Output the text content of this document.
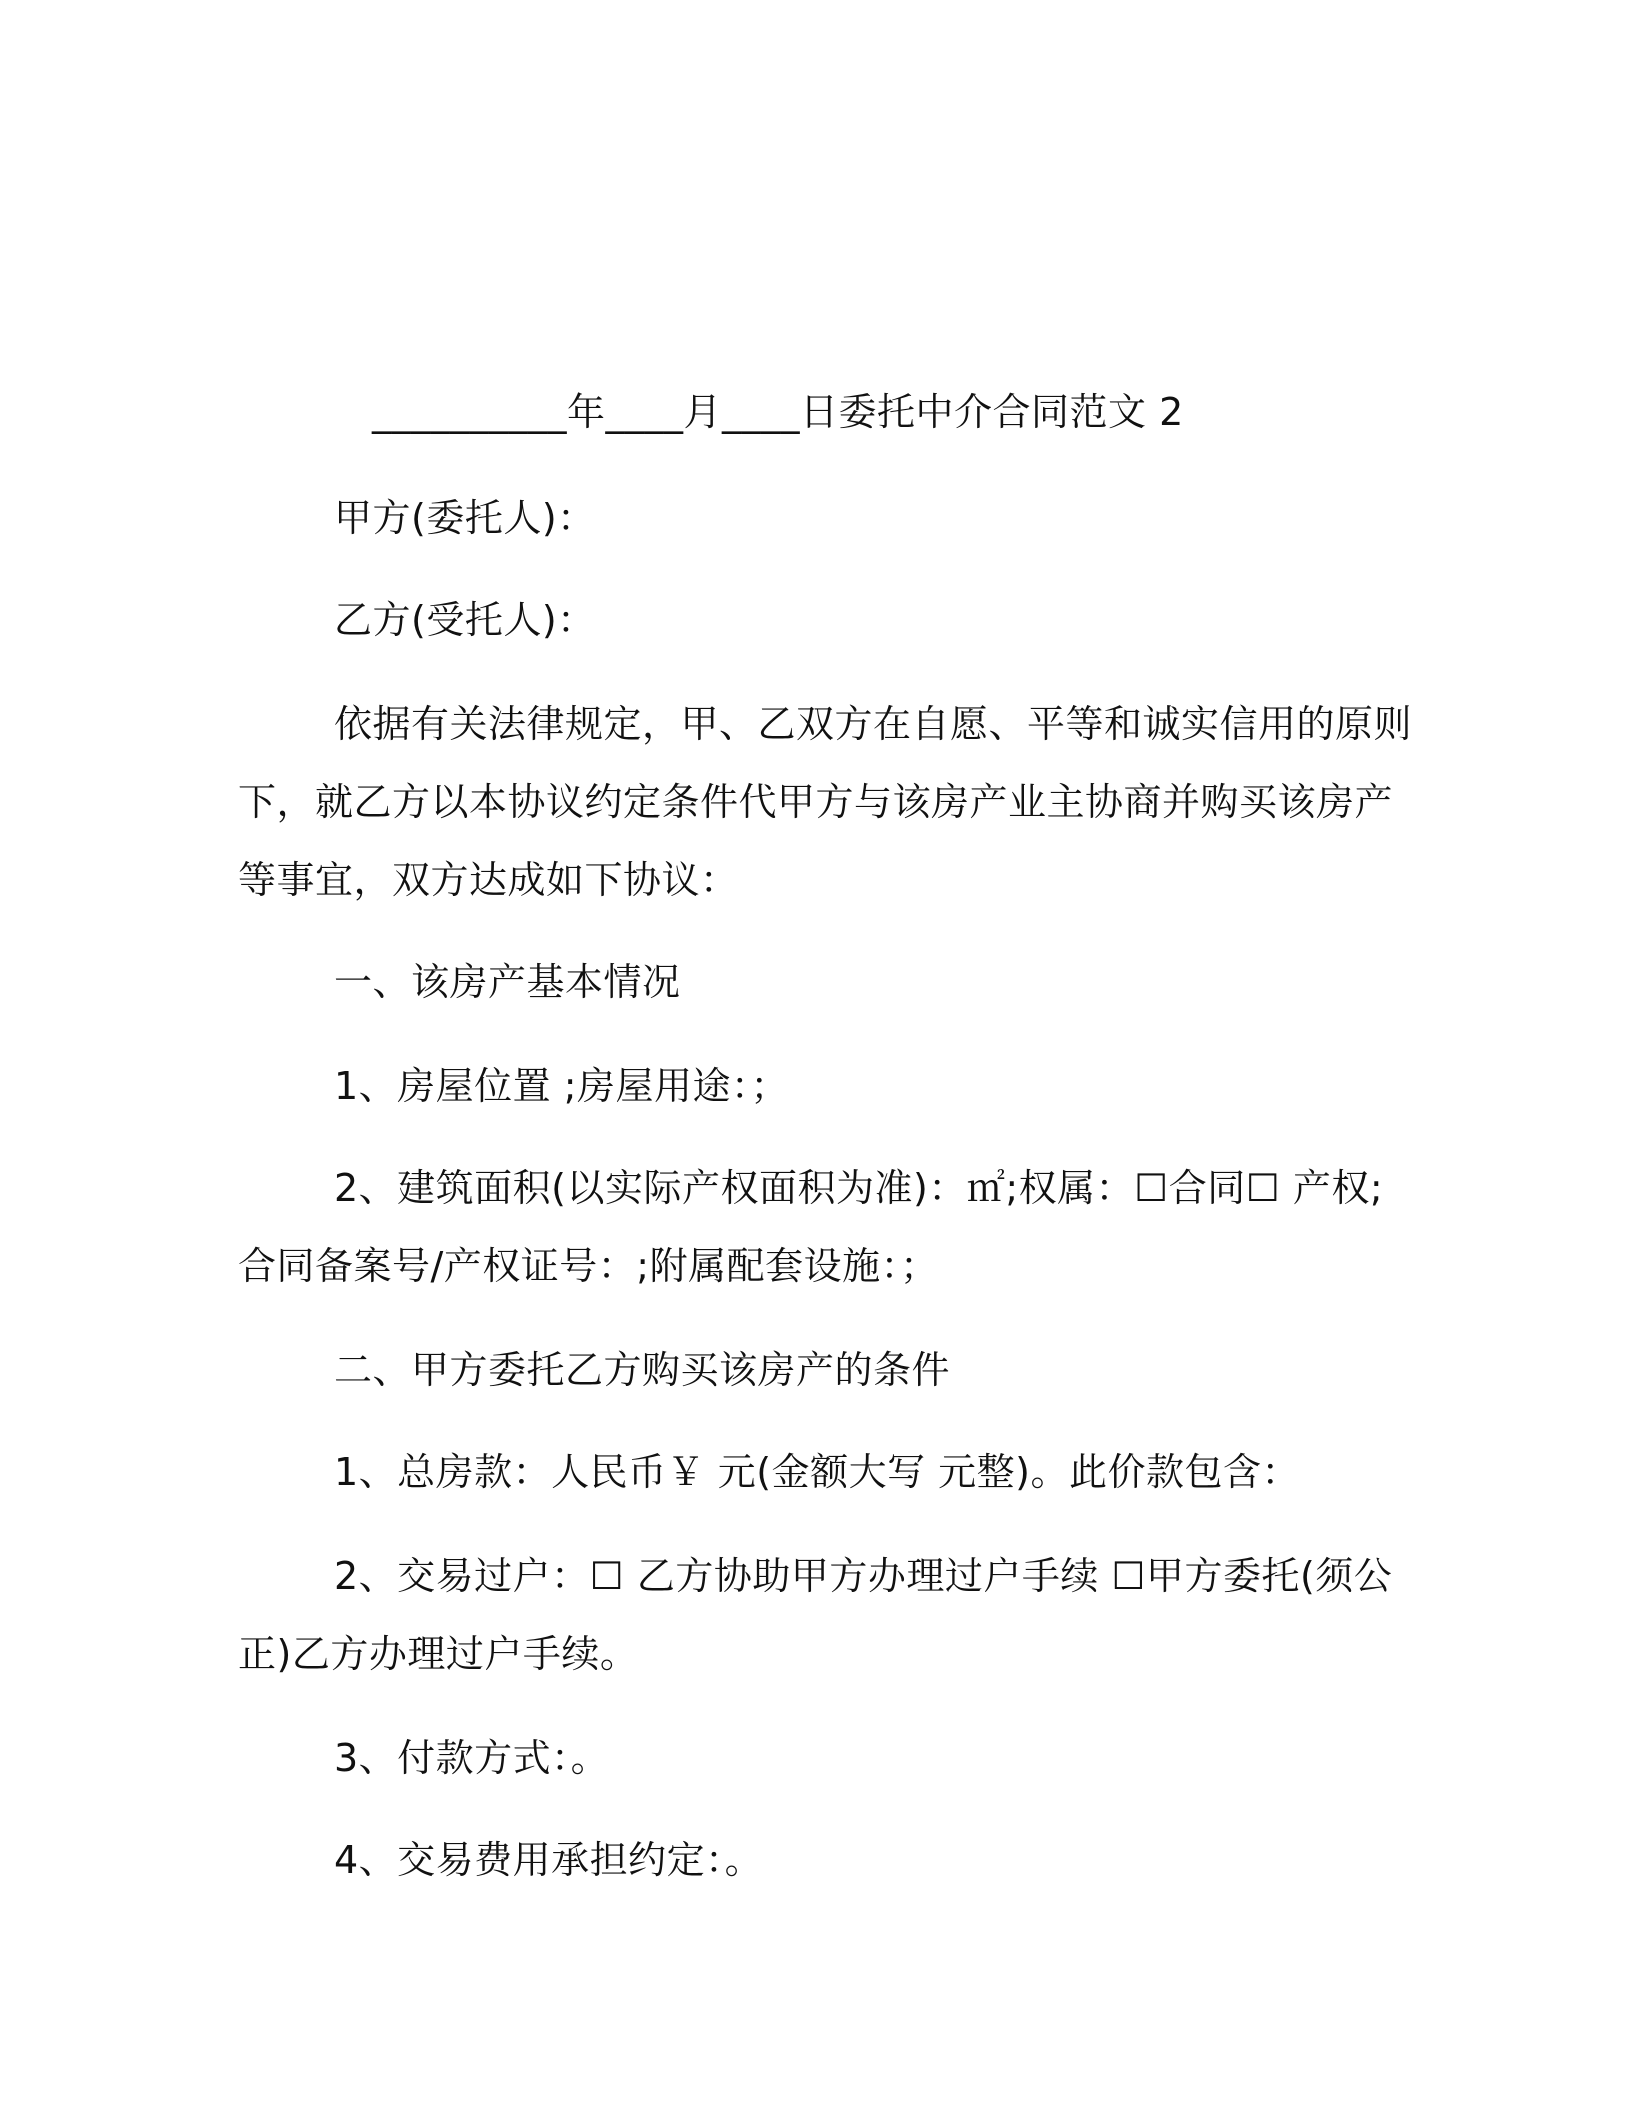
__________年____月____日委托中介合同范文 2
甲方(委托人)：
乙方(受托人)：
依据有关法律规定，甲、乙双方在自愿、平等和诚实信用的原则
下，就乙方以本协议约定条件代甲方与该房产业主协商并购买该房产
等事宜，双方达成如下协议：
一、该房产基本情况
1、房屋位置 ;房屋用途：；
2、建筑面积(以实际产权面积为准)：㎡;权属：☐合同☐ 产权;
合同备案号/产权证号：;附属配套设施：；
二、甲方委托乙方购买该房产的条件
1、总房款：人民币￥ 元(金额大写 元整)。此价款包含：
2、交易过户：☐ 乙方协助甲方办理过户手续 ☐甲方委托(须公
正)乙方办理过户手续。
3、付款方式：。
4、交易费用承担约定：。
